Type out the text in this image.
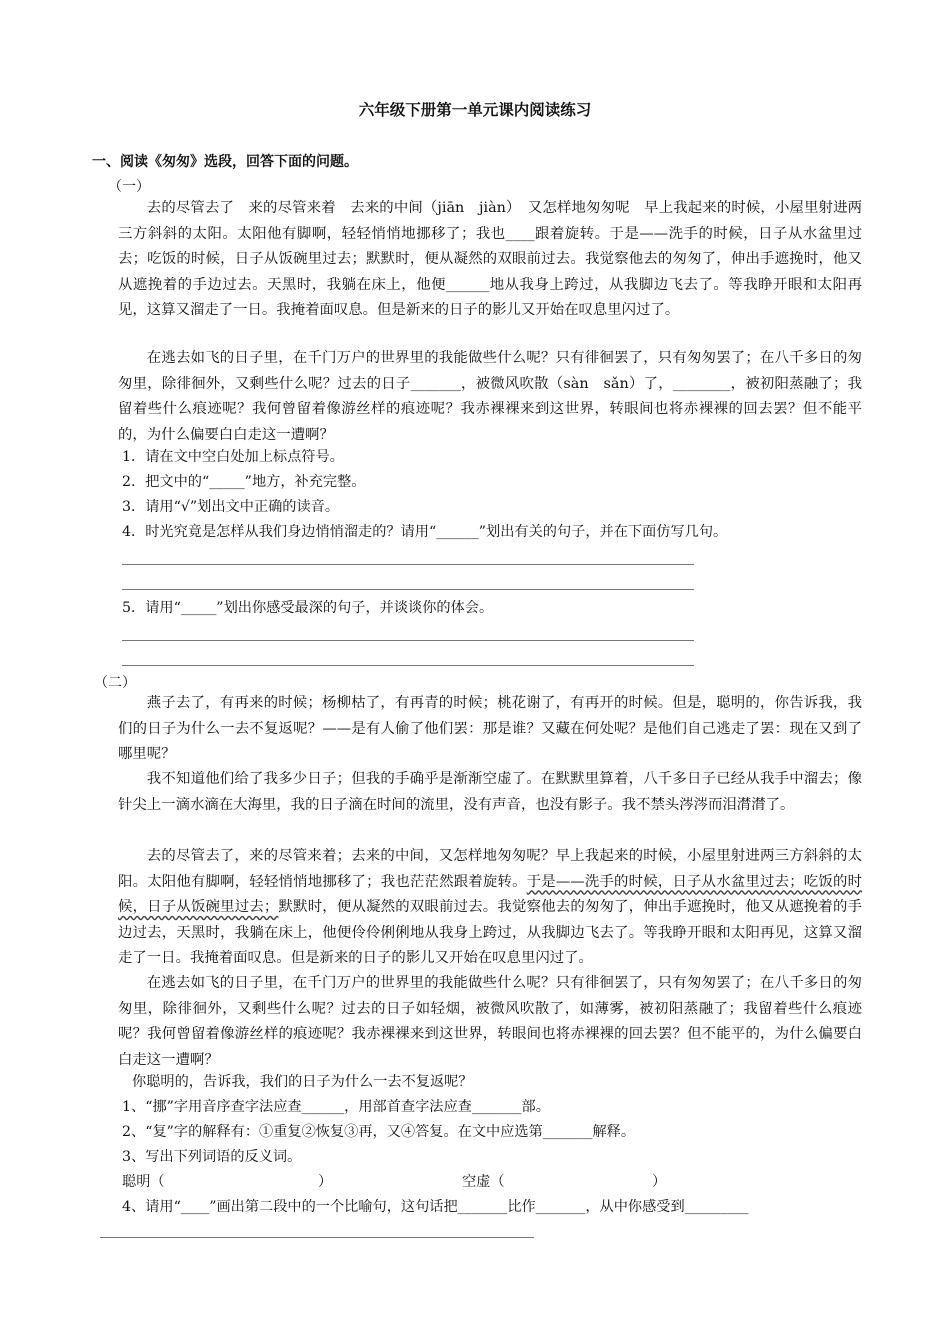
六年级下册第一单元课内阅读练习
一、阅读《匆匆》选段，回答下面的问题。
（一）
去的尽管去了　来的尽管来着　去来的中间（jiān　jiàn）　又怎样地匆匆呢　早上我起来的时候，小屋里射进两三方斜斜的太阳。太阳他有脚啊，轻轻悄悄地挪移了；我也____跟着旋转。于是——洗手的时候，日子从水盆里过去；吃饭的时候，日子从饭碗里过去；默默时，便从凝然的双眼前过去。我觉察他去的匆匆了，伸出手遮挽时，他又从遮挽着的手边过去。天黑时，我躺在床上，他便______地从我身上跨过，从我脚边飞去了。等我睁开眼和太阳再见，这算又溜走了一日。我掩着面叹息。但是新来的日子的影儿又开始在叹息里闪过了。
在逃去如飞的日子里，在千门万户的世界里的我能做些什么呢？只有徘徊罢了，只有匆匆罢了；在八千多日的匆匆里，除徘徊外，又剩些什么呢？过去的日子_______，被微风吹散（sàn　sǎn）了，________，被初阳蒸融了；我留着些什么痕迹呢？我何曾留着像游丝样的痕迹呢？我赤裸裸来到这世界，转眼间也将赤裸裸的回去罢？但不能平的，为什么偏要白白走这一遭啊？
1．请在文中空白处加上标点符号。
2．把文中的“_____”地方，补充完整。
3．请用“√”划出文中正确的读音。
4．时光究竟是怎样从我们身边悄悄溜走的？请用“______”划出有关的句子，并在下面仿写几句。
5．请用“_____”划出你感受最深的句子，并谈谈你的体会。
（二）
燕子去了，有再来的时候；杨柳枯了，有再青的时候；桃花谢了，有再开的时候。但是，聪明的，你告诉我，我们的日子为什么一去不复返呢？——是有人偷了他们罢：那是谁？又藏在何处呢？是他们自己逃走了罢：现在又到了哪里呢？
我不知道他们给了我多少日子；但我的手确乎是渐渐空虚了。在默默里算着，八千多日子已经从我手中溜去；像针尖上一滴水滴在大海里，我的日子滴在时间的流里，没有声音，也没有影子。我不禁头涔涔而泪潸潸了。
去的尽管去了，来的尽管来着；去来的中间，又怎样地匆匆呢？早上我起来的时候，小屋里射进两三方斜斜的太阳。太阳他有脚啊，轻轻悄悄地挪移了；我也茫茫然跟着旋转。于是——洗手的时候，日子从水盆里过去；吃饭的时候，日子从饭碗里过去；默默时，便从凝然的双眼前过去。我觉察他去的匆匆了，伸出手遮挽时，他又从遮挽着的手边过去，天黑时，我躺在床上，他便伶伶俐俐地从我身上跨过，从我脚边飞去了。等我睁开眼和太阳再见，这算又溜走了一日。我掩着面叹息。但是新来的日子的影儿又开始在叹息里闪过了。
在逃去如飞的日子里，在千门万户的世界里的我能做些什么呢？只有徘徊罢了，只有匆匆罢了；在八千多日的匆匆里，除徘徊外，又剩些什么呢？过去的日子如轻烟，被微风吹散了，如薄雾，被初阳蒸融了；我留着些什么痕迹呢？我何曾留着像游丝样的痕迹呢？我赤裸裸来到这世界，转眼间也将赤裸裸的回去罢？但不能平的，为什么偏要白白走这一遭啊？
你聪明的，告诉我，我们的日子为什么一去不复返呢？
1、“挪”字用音序查字法应查______，用部首查字法应查_______部。
2、“复”字的解释有：①重复②恢复③再，又④答复。在文中应选第_______解释。
3、写出下列词语的反义词。
聪明（	）	空虚（	）
4、请用“____”画出第二段中的一个比喻句，这句话把_______比作_______，从中你感受到_________
